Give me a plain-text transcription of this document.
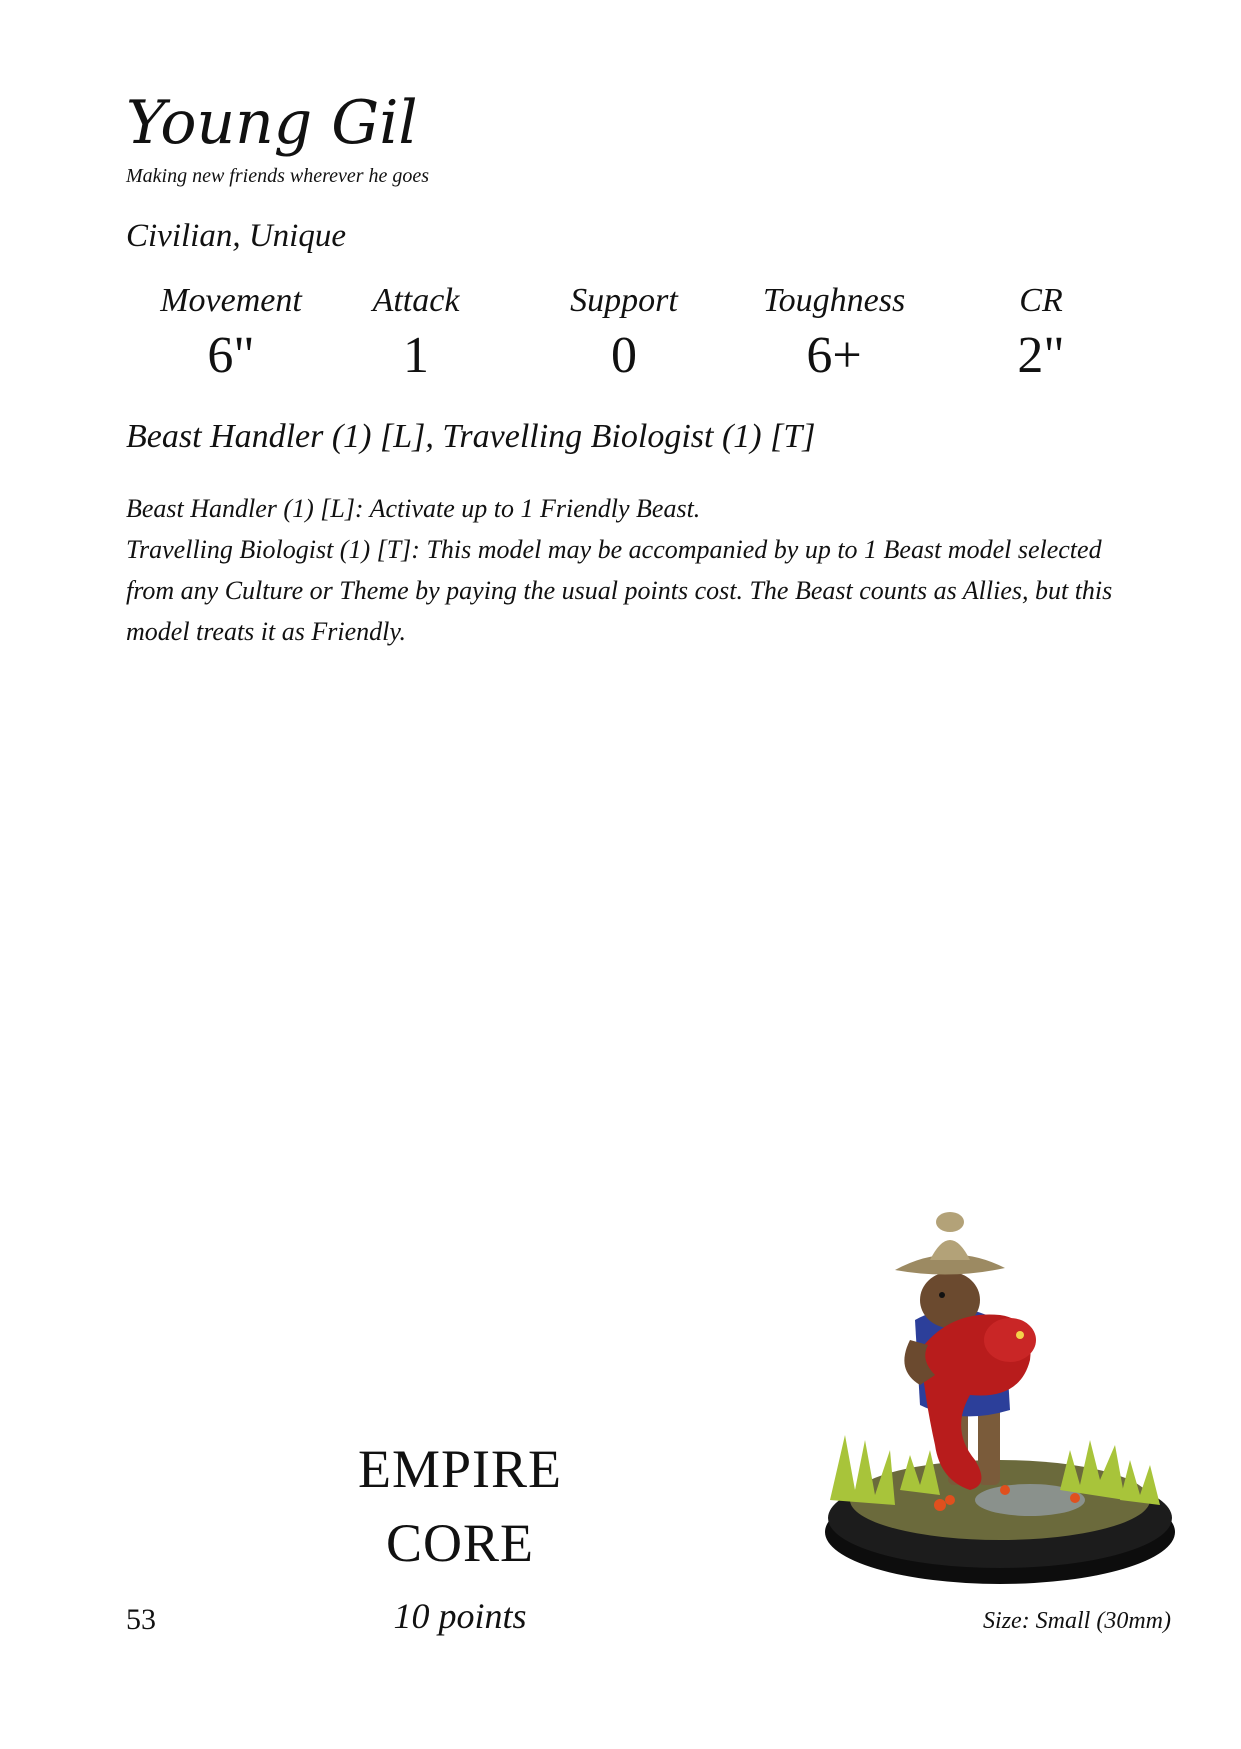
Young Gil
Making new friends wherever he goes
Civilian, Unique
Movement
6"
Attack
1
Support
0
Toughness
6+
CR
2"
Beast Handler (1) [L], Travelling Biologist (1) [T]

Beast Handler (1) [L]: Activate up to 1 Friendly Beast.

Travelling Biologist (1) [T]: This model may be accompanied by up to 1 Beast model selected from any Culture or Theme by paying the usual points cost. The Beast counts as Allies, but this model treats it as Friendly.

EMPIRE
CORE
10 points
53	Size: Small (30mm)
